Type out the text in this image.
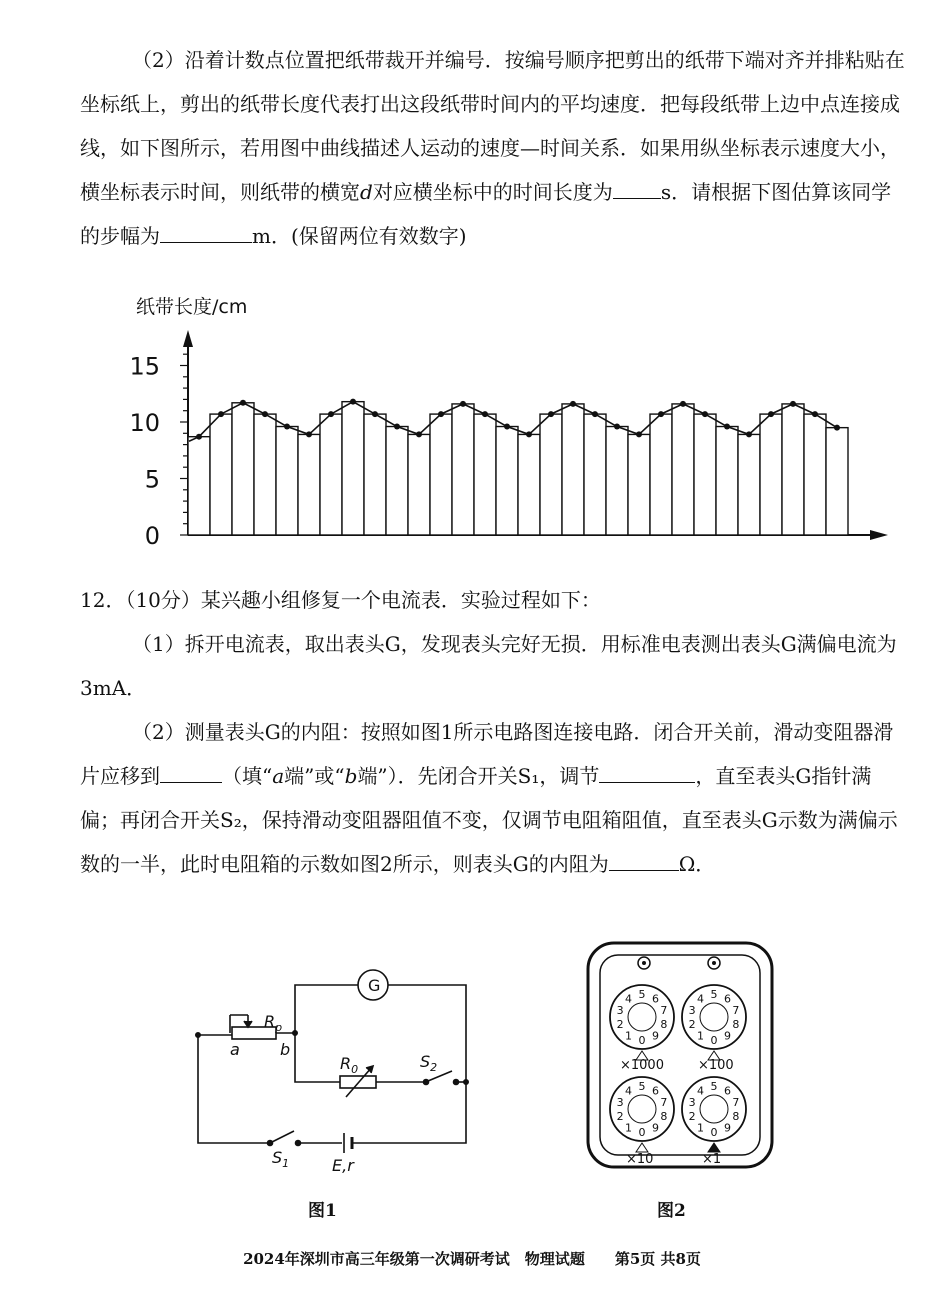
（2）沿着计数点位置把纸带裁开并编号．按编号顺序把剪出的纸带下端对齐并排粘贴在坐标纸上，剪出的纸带长度代表打出这段纸带时间内的平均速度．把每段纸带上边中点连接成线，如下图所示，若用图中曲线描述人运动的速度—时间关系．如果用纵坐标表示速度大小，横坐标表示时间，则纸带的横宽d对应横坐标中的时间长度为 s．请根据下图估算该同学的步幅为	m．(保留两位有效数字)

纸带长度/cm
15
10
5
0

12．（10分）某兴趣小组修复一个电流表．实验过程如下：

（1）拆开电流表，取出表头G，发现表头完好无损．用标准电表测出表头G满偏电流为3mA．

（2）测量表头G的内阻：按照如图1所示电路图连接电路．闭合开关前，滑动变阻器滑片应移到	（填“a端”或“b端”）．先闭合开关S₁，调节	，直至表头G指针满偏；再闭合开关S₂，保持滑动变阻器阻值不变，仅调节电阻箱阻值，直至表头G示数为满偏示数的一半，此时电阻箱的示数如图2所示，则表头G的内阻为	Ω．

G
$R_p$
a	b
$R_0$	$S_2$
$S_1$	E,r
图1
0
1
2
3
4 5 6
7
8
9	0
1
2
3
4 5 6
7
8
9
0
1
2
3
4 5 6
7
8
9	0
1
2
3
4 5 6
7
8
9
×1000	×100
×10	×1
图2
2024年深圳市高三年级第一次调研考试　物理试题　　第5页 共8页
